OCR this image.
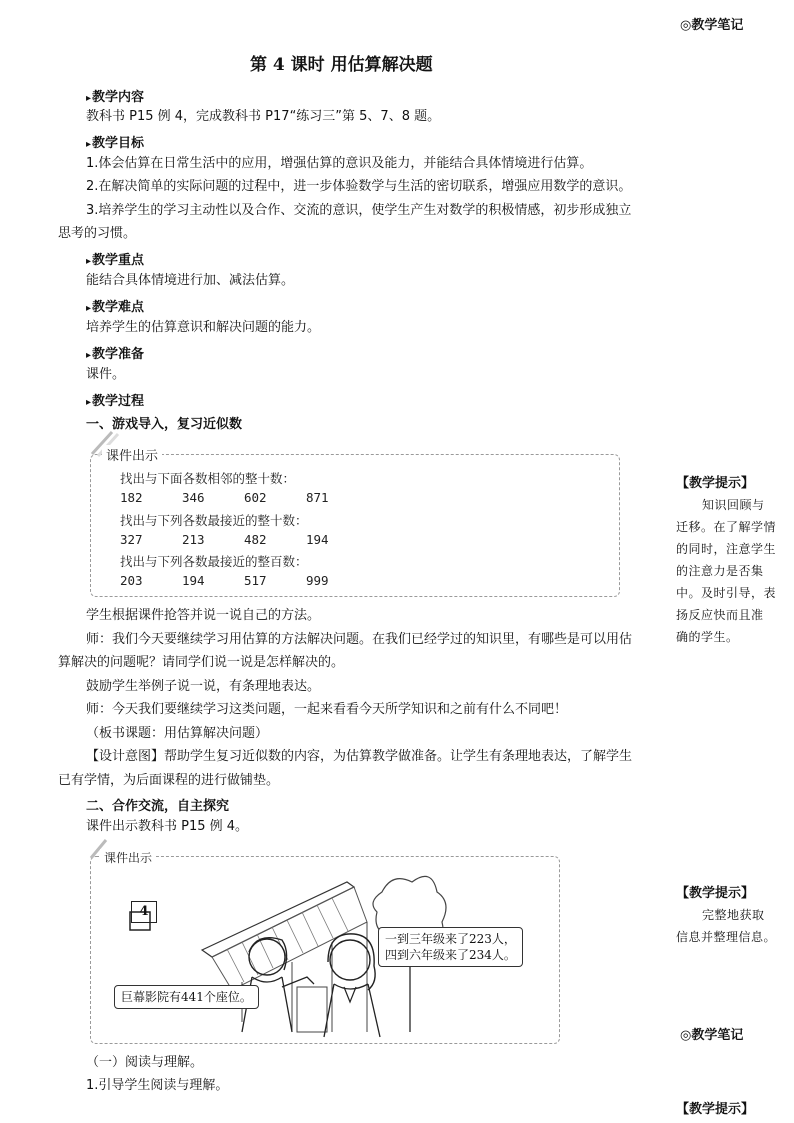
◎教学笔记
第 4 课时 用估算解决题
▸ 教学内容
教科书 P15 例 4，完成教科书 P17“练习三”第 5、7、8 题。
▸ 教学目标
1.体会估算在日常生活中的应用，增强估算的意识及能力，并能结合具体情境进行估算。
2.在解决简单的实际问题的过程中，进一步体验数学与生活的密切联系，增强应用数学的意识。
3.培养学生的学习主动性以及合作、交流的意识，使学生产生对数学的积极情感，初步形成独立
思考的习惯。
▸ 教学重点
能结合具体情境进行加、减法估算。
▸ 教学难点
培养学生的估算意识和解决问题的能力。
▸ 教学准备
课件。
▸ 教学过程
一、游戏导入，复习近似数
课件出示
找出与下面各数相邻的整十数：
182	346	602	871
找出与下列各数最接近的整十数：
327	213	482	194
找出与下列各数最接近的整百数：
203	194	517	999
学生根据课件抢答并说一说自己的方法。
师：我们今天要继续学习用估算的方法解决问题。在我们已经学过的知识里，有哪些是可以用估
算解决的问题呢？请同学们说一说是怎样解决的。
鼓励学生举例子说一说，有条理地表达。
师：今天我们要继续学习这类问题，一起来看看今天所学知识和之前有什么不同吧！
（板书课题：用估算解决问题）
【设计意图】帮助学生复习近似数的内容，为估算教学做准备。让学生有条理地表达，了解学生
已有学情，为后面课程的进行做铺垫。
二、合作交流，自主探究
课件出示教科书 P15 例 4。
课件出示
4
一到三年级来了223人，
四到六年级来了234人。
巨幕影院有441个座位。
（一）阅读与理解。
1.引导学生阅读与理解。
【教学提示】
知识回顾与
迁移。在了解学情
的同时，注意学生
的注意力是否集
中。及时引导，表
扬反应快而且准
确的学生。
【教学提示】
完整地获取
信息并整理信息。
◎教学笔记
【教学提示】
